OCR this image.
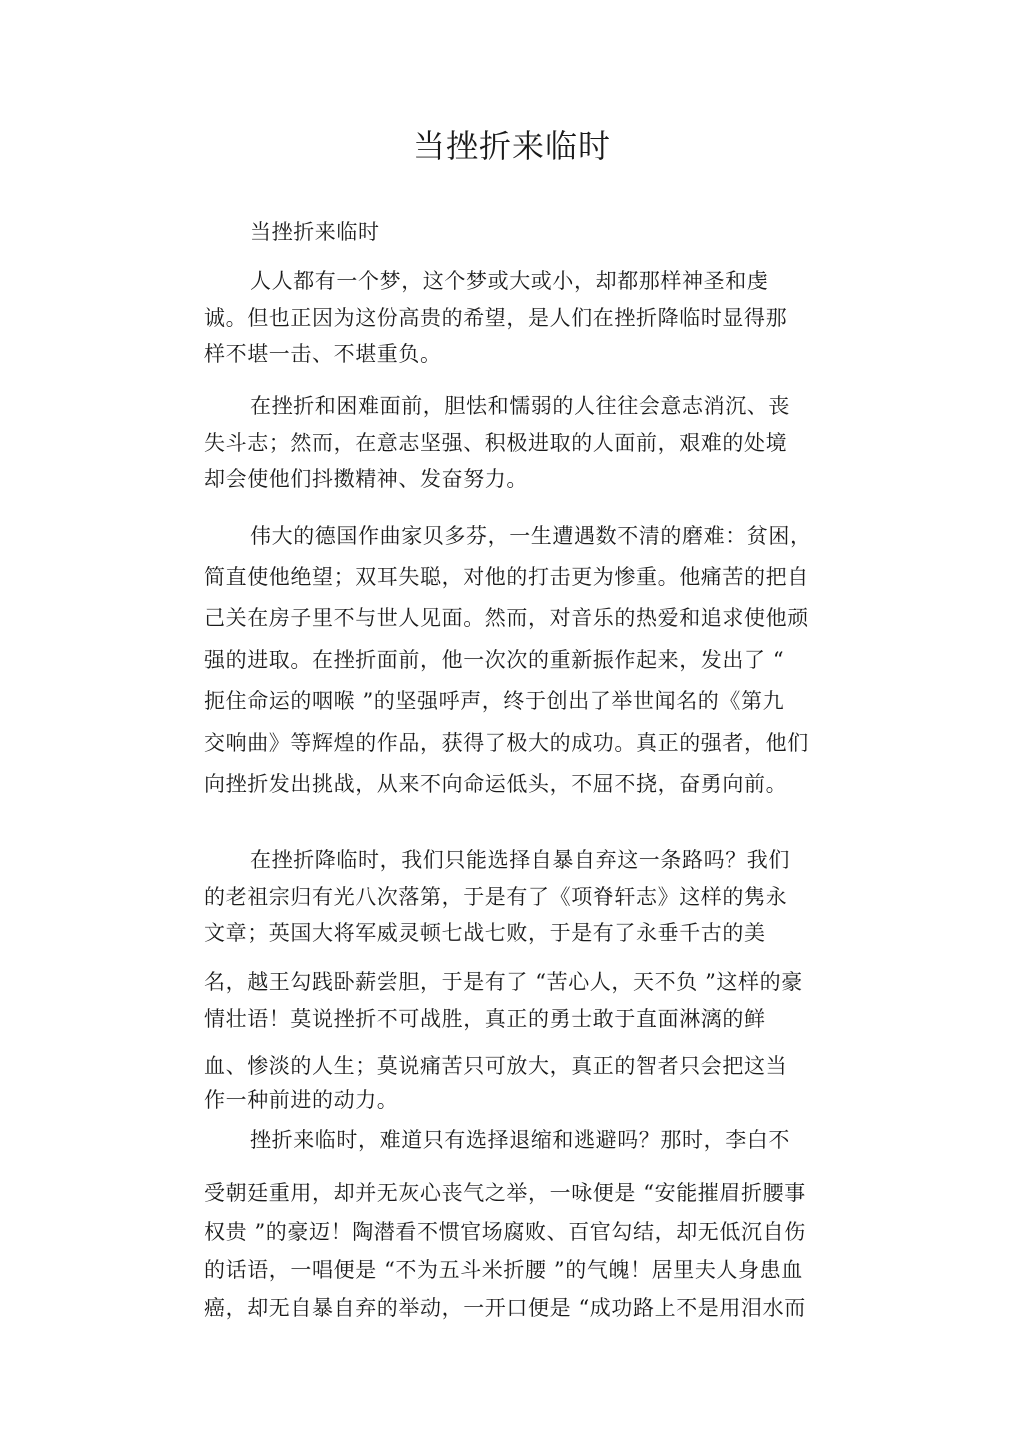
当挫折来临时
当挫折来临时
人人都有一个梦，这个梦或大或小，却都那样神圣和虔
诚。但也正因为这份高贵的希望，是人们在挫折降临时显得那
样不堪一击、不堪重负。
在挫折和困难面前，胆怯和懦弱的人往往会意志消沉、丧
失斗志；然而，在意志坚强、积极进取的人面前，艰难的处境
却会使他们抖擞精神、发奋努力。
伟大的德国作曲家贝多芬，一生遭遇数不清的磨难：贫困，
简直使他绝望；双耳失聪，对他的打击更为惨重。他痛苦的把自
己关在房子里不与世人见面。然而，对音乐的热爱和追求使他顽
强的进取。在挫折面前，他一次次的重新振作起来，发出了 “
扼住命运的咽喉 ”的坚强呼声，终于创出了举世闻名的《第九
交响曲》等辉煌的作品，获得了极大的成功。真正的强者，他们
向挫折发出挑战，从来不向命运低头，不屈不挠，奋勇向前。
在挫折降临时，我们只能选择自暴自弃这一条路吗？我们
的老祖宗归有光八次落第，于是有了《项脊轩志》这样的隽永
文章；英国大将军威灵顿七战七败，于是有了永垂千古的美
名，越王勾践卧薪尝胆，于是有了 “苦心人，天不负 ”这样的豪
情壮语！莫说挫折不可战胜，真正的勇士敢于直面淋漓的鲜
血、惨淡的人生；莫说痛苦只可放大，真正的智者只会把这当
作一种前进的动力。
挫折来临时，难道只有选择退缩和逃避吗？那时，李白不
受朝廷重用，却并无灰心丧气之举，一咏便是 “安能摧眉折腰事
权贵 ”的豪迈！陶潜看不惯官场腐败、百官勾结，却无低沉自伤
的话语，一唱便是 “不为五斗米折腰 ”的气魄！居里夫人身患血
癌，却无自暴自弃的举动，一开口便是 “成功路上不是用泪水而
